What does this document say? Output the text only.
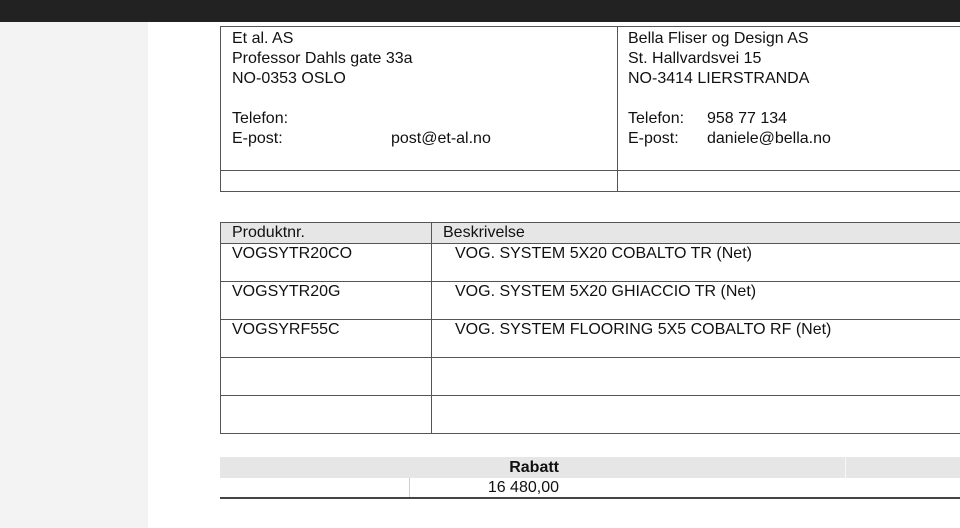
Et al. AS
Professor Dahls gate 33a
NO-0353 OSLO
Telefon:
E-post:	post@et-al.no
Bella Fliser og Design AS
St. Hallvardsvei 15
NO-3414 LIERSTRANDA
Telefon: 958 77 134
E-post: daniele@bella.no
Produktnr.	Beskrivelse	
VOGSYTR20CO	VOG. SYSTEM 5X20 COBALTO TR (Net)	
VOGSYTR20G	VOG. SYSTEM 5X20 GHIACCIO TR (Net)	
VOGSYRF55C	VOG. SYSTEM FLOORING 5X5 COBALTO RF (Net)	

Rabatt
16 480,00
